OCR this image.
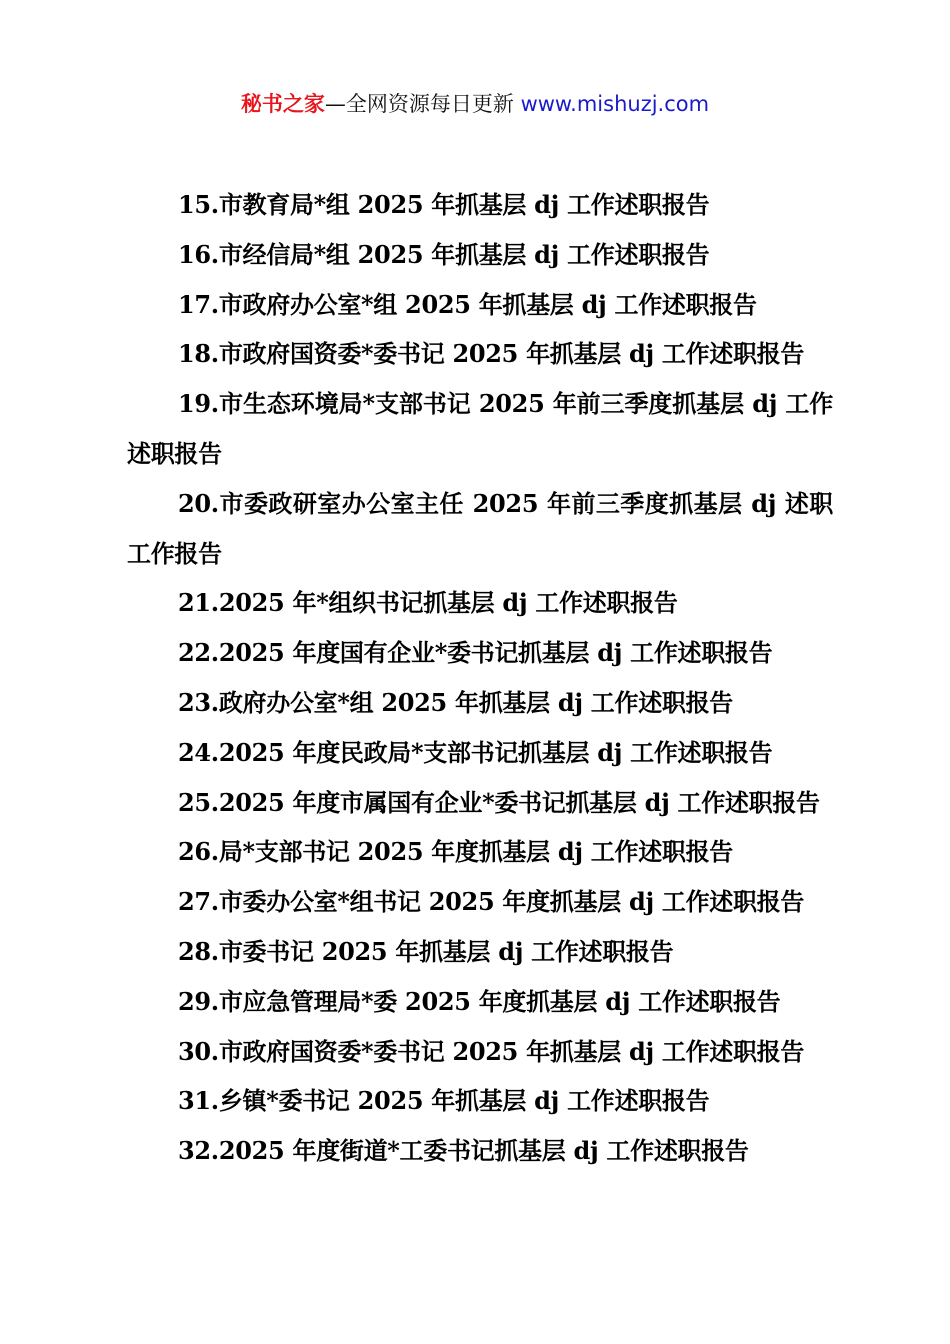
秘书之家—全网资源每日更新 www.mishuzj.com

15.市教育局*组 2025 年抓基层 dj 工作述职报告

16.市经信局*组 2025 年抓基层 dj 工作述职报告

17.市政府办公室*组 2025 年抓基层 dj 工作述职报告

18.市政府国资委*委书记 2025 年抓基层 dj 工作述职报告

19.市生态环境局*支部书记 2025 年前三季度抓基层 dj 工作述职报告

20.市委政研室办公室主任 2025 年前三季度抓基层 dj 述职工作报告

21.2025 年*组织书记抓基层 dj 工作述职报告

22.2025 年度国有企业*委书记抓基层 dj 工作述职报告

23.政府办公室*组 2025 年抓基层 dj 工作述职报告

24.2025 年度民政局*支部书记抓基层 dj 工作述职报告

25.2025 年度市属国有企业*委书记抓基层 dj 工作述职报告

26.局*支部书记 2025 年度抓基层 dj 工作述职报告

27.市委办公室*组书记 2025 年度抓基层 dj 工作述职报告

28.市委书记 2025 年抓基层 dj 工作述职报告

29.市应急管理局*委 2025 年度抓基层 dj 工作述职报告

30.市政府国资委*委书记 2025 年抓基层 dj 工作述职报告

31.乡镇*委书记 2025 年抓基层 dj 工作述职报告

32.2025 年度街道*工委书记抓基层 dj 工作述职报告
